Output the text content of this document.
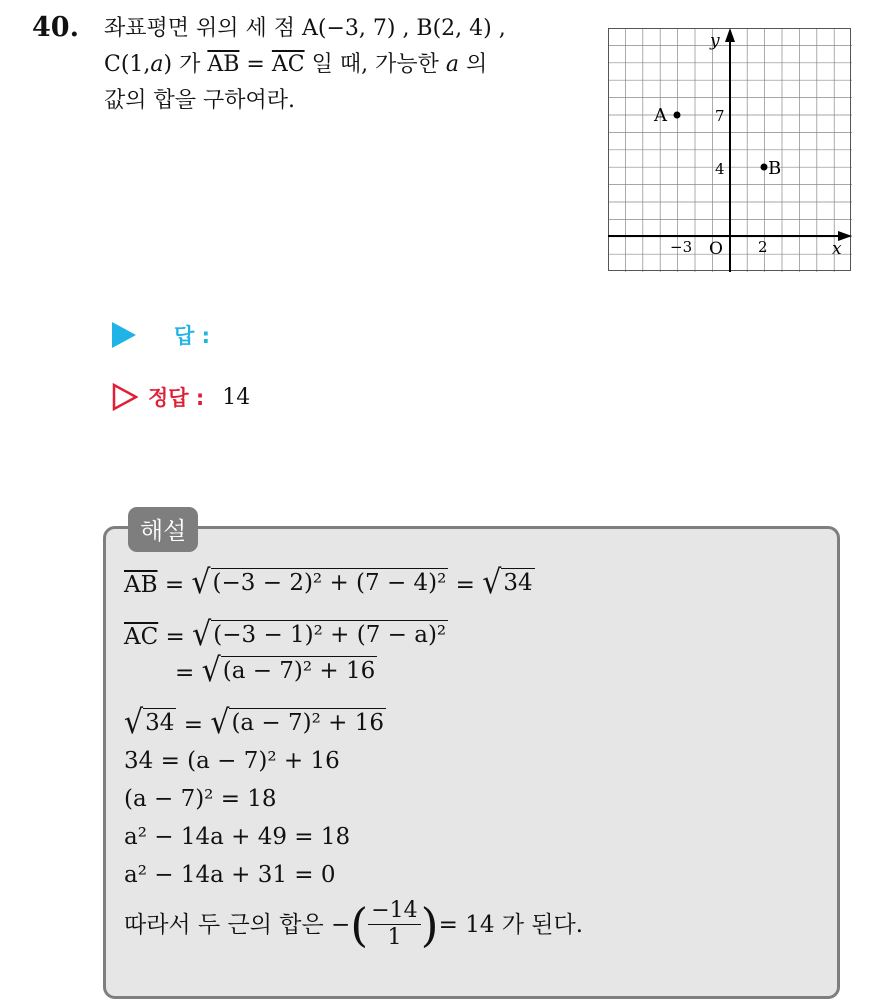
40. 좌표평면 위의 세 점 A(−3, 7) , B(2, 4) ,
C(1,a) 가 $\overline{AB} = \overline{AC}$ 일 때, 가능한 a 의
값의 합을 구하여라.
x
y
O
−3	2
7
4
A
B
답 :
정답 : 14
해설
$\overline{AB}$ = √ (−3 − 2)² + (7 − 4)² = √ 34
$\overline{AC}$ = √ (−3 − 1)² + (7 − a)²
= √ (a − 7)² + 16
√ 34 = √ (a − 7)² + 16
34 = (a − 7)² + 16
(a − 7)² = 18
a² − 14a + 49 = 18
a² − 14a + 31 = 0
따라서 두 근의 합은 − ( $\frac{-14}{1}$ ) = 14 가 된다.
